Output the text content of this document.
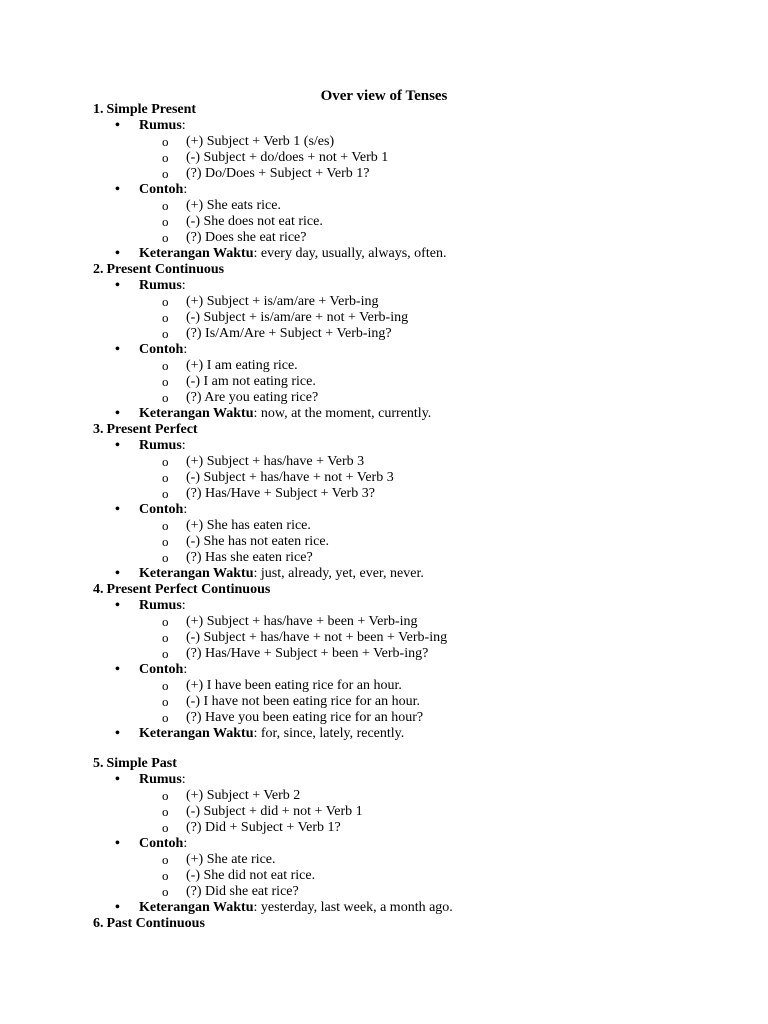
Over view of Tenses
1. Simple Present
• Rumus:
o (+) Subject + Verb 1 (s/es)
o (-) Subject + do/does + not + Verb 1
o (?) Do/Does + Subject + Verb 1?
• Contoh:
o (+) She eats rice.
o (-) She does not eat rice.
o (?) Does she eat rice?
• Keterangan Waktu: every day, usually, always, often.
2. Present Continuous
• Rumus:
o (+) Subject + is/am/are + Verb-ing
o (-) Subject + is/am/are + not + Verb-ing
o (?) Is/Am/Are + Subject + Verb-ing?
• Contoh:
o (+) I am eating rice.
o (-) I am not eating rice.
o (?) Are you eating rice?
• Keterangan Waktu: now, at the moment, currently.
3. Present Perfect
• Rumus:
o (+) Subject + has/have + Verb 3
o (-) Subject + has/have + not + Verb 3
o (?) Has/Have + Subject + Verb 3?
• Contoh:
o (+) She has eaten rice.
o (-) She has not eaten rice.
o (?) Has she eaten rice?
• Keterangan Waktu: just, already, yet, ever, never.
4. Present Perfect Continuous
• Rumus:
o (+) Subject + has/have + been + Verb-ing
o (-) Subject + has/have + not + been + Verb-ing
o (?) Has/Have + Subject + been + Verb-ing?
• Contoh:
o (+) I have been eating rice for an hour.
o (-) I have not been eating rice for an hour.
o (?) Have you been eating rice for an hour?
• Keterangan Waktu: for, since, lately, recently.
5. Simple Past
• Rumus:
o (+) Subject + Verb 2
o (-) Subject + did + not + Verb 1
o (?) Did + Subject + Verb 1?
• Contoh:
o (+) She ate rice.
o (-) She did not eat rice.
o (?) Did she eat rice?
• Keterangan Waktu: yesterday, last week, a month ago.
6. Past Continuous
